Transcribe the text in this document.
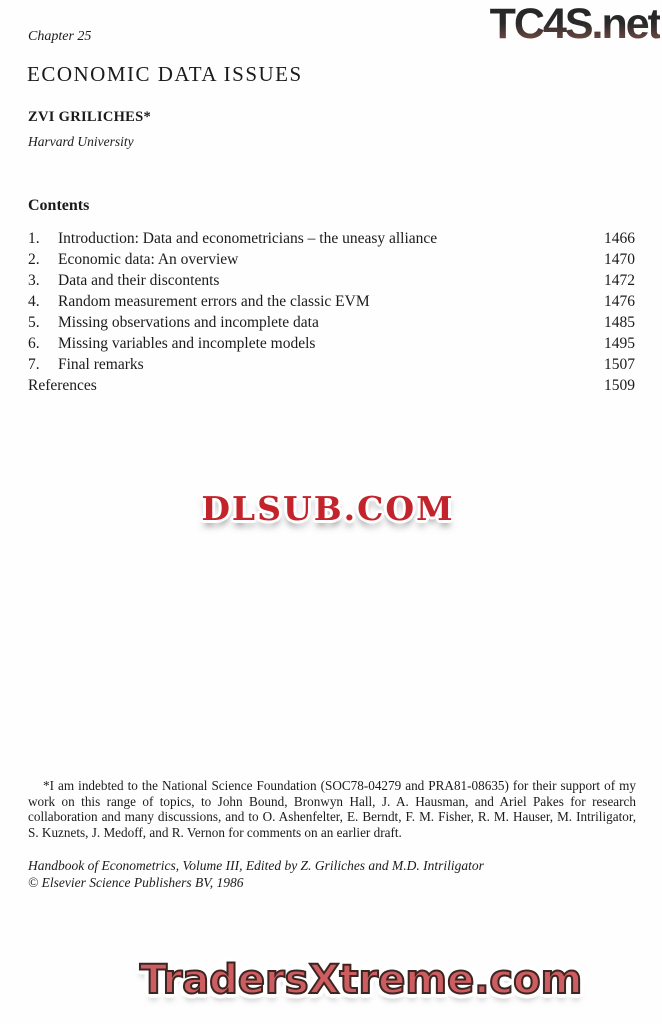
TC4S.net
Chapter 25
ECONOMIC DATA ISSUES
ZVI GRILICHES*
Harvard University
Contents
1.	Introduction: Data and econometricians – the uneasy alliance	1466
2.	Economic data: An overview	1470
3.	Data and their discontents	1472
4.	Random measurement errors and the classic EVM	1476
5.	Missing observations and incomplete data	1485
6.	Missing variables and incomplete models	1495
7.	Final remarks	1507
References	1509
DLSUB.COM

*I am indebted to the National Science Foundation (SOC78-04279 and PRA81-08635) for their support of my work on this range of topics, to John Bound, Bronwyn Hall, J. A. Hausman, and Ariel Pakes for research collaboration and many discussions, and to O. Ashenfelter, E. Berndt, F. M. Fisher, R. M. Hauser, M. Intriligator, S. Kuznets, J. Medoff, and R. Vernon for comments on an earlier draft.

Handbook of Econometrics, Volume III, Edited by Z. Griliches and M.D. Intriligator
© Elsevier Science Publishers BV, 1986
TradersXtreme.com
